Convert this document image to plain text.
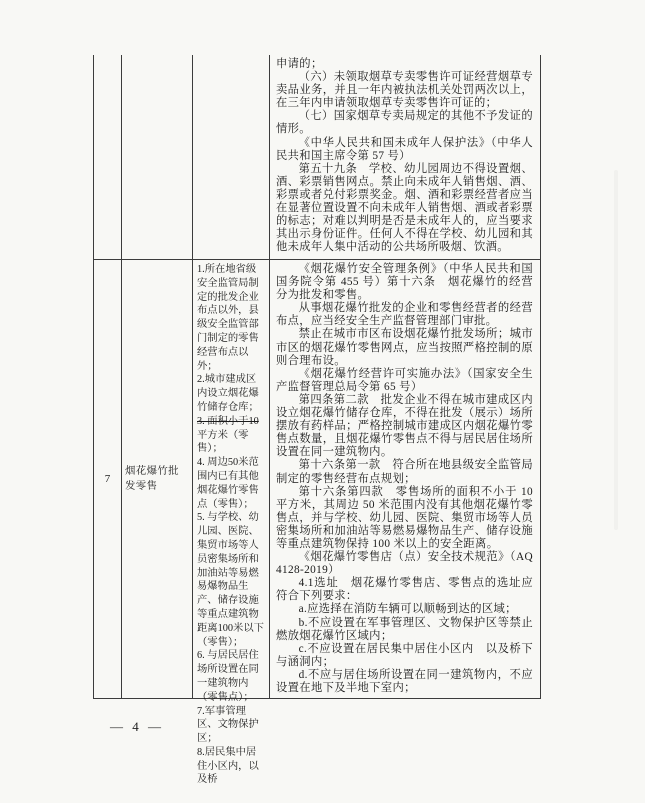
申请的；

（六）未领取烟草专卖零售许可证经营烟草专卖品业务，并且一年内被执法机关处罚两次以上，在三年内申请领取烟草专卖零售许可证的；

（七）国家烟草专卖局规定的其他不予发证的情形。

《中华人民共和国未成年人保护法》（中华人民共和国主席令第 57 号）

第五十九条　学校、幼儿园周边不得设置烟、酒、彩票销售网点。禁止向未成年人销售烟、酒、彩票或者兑付彩票奖金。烟、酒和彩票经营者应当在显著位置设置不向未成年人销售烟、酒或者彩票的标志；对难以判明是否是未成年人的，应当要求其出示身份证件。任何人不得在学校、幼儿园和其他未成年人集中活动的公共场所吸烟、饮酒。

7
烟花爆竹批发零售

1.所在地省级安全监管局制定的批发企业布点以外，县级安全监管部门制定的零售经营布点以外；

2.城市建成区内设立烟花爆竹储存仓库；

3. 面积小于10平方米（零售）；

4. 周边50米范围内已有其他烟花爆竹零售点（零售）；

5. 与学校、幼儿园、医院、集贸市场等人员密集场所和加油站等易燃易爆物品生产、储存设施等重点建筑物距离100米以下（零售）；

6. 与居民居住场所设置在同一建筑物内（零售点）；

7.军事管理区、文物保护区；

8.居民集中居住小区内，以及桥

《烟花爆竹安全管理条例》（中华人民共和国国务院令第 455 号）第十六条　烟花爆竹的经营分为批发和零售。

从事烟花爆竹批发的企业和零售经营者的经营布点，应当经安全生产监督管理部门审批。

禁止在城市市区布设烟花爆竹批发场所；城市市区的烟花爆竹零售网点，应当按照严格控制的原则合理布设。

《烟花爆竹经营许可实施办法》（国家安全生产监督管理总局令第 65 号）

第四条第二款　批发企业不得在城市建成区内设立烟花爆竹储存仓库，不得在批发（展示）场所摆放有药样品；严格控制城市建成区内烟花爆竹零售点数量，且烟花爆竹零售点不得与居民居住场所设置在同一建筑物内。

第十六条第一款　符合所在地县级安全监管局制定的零售经营布点规划；

第十六条第四款　零售场所的面积不小于 10 平方米，其周边 50 米范围内没有其他烟花爆竹零售点，并与学校、幼儿园、医院、集贸市场等人员密集场所和加油站等易燃易爆物品生产、储存设施等重点建筑物保持 100 米以上的安全距离。

《烟花爆竹零售店（点）安全技术规范》（AQ 4128-2019）

4.1选址　烟花爆竹零售店、零售点的选址应符合下列要求：

a.应选择在消防车辆可以顺畅到达的区域；

b.不应设置在军事管理区、文物保护区等禁止燃放烟花爆竹区域内；

c.不应设置在居民集中居住小区内　以及桥下与涵洞内；

d.不应与居住场所设置在同一建筑物内，不应设置在地下及半地下室内；

— 4 —
